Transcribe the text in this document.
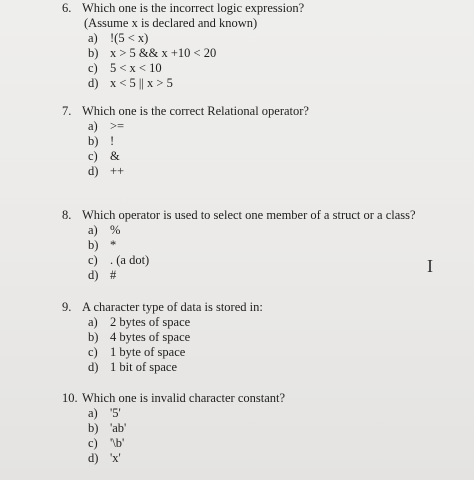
6. Which one is the incorrect logic expression?
(Assume x is declared and known)
a) !(5 < x)
b) x > 5 && x +10 < 20
c) 5 < x < 10
d) x < 5 || x > 5
7. Which one is the correct Relational operator?
a) >=
b) !
c) &
d) ++
8. Which operator is used to select one member of a struct or a class?
a) %
b) *
c) . (a dot)
d) #
9. A character type of data is stored in:
a) 2 bytes of space
b) 4 bytes of space
c) 1 byte of space
d) 1 bit of space
10. Which one is invalid character constant?
a) '5'
b) 'ab'
c) '\b'
d) 'x'
I
